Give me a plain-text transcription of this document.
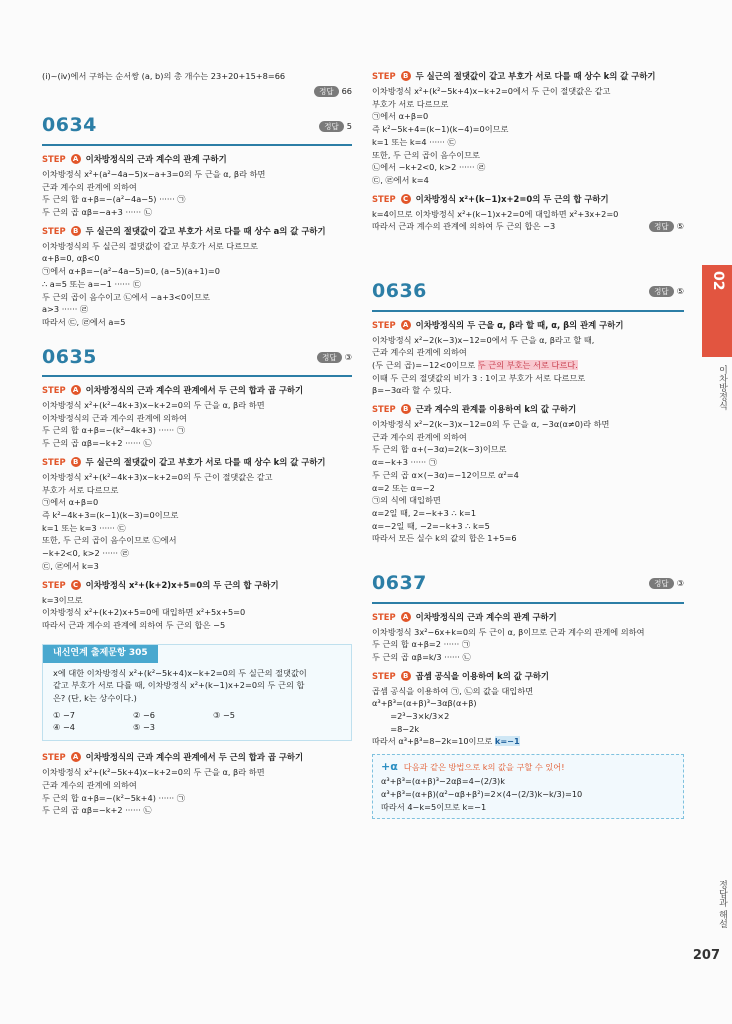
(ⅰ)~(ⅳ)에서 구하는 순서쌍 (a, b)의 총 개수는 23+20+15+8=66
정답 66
0634	정답 5
STEP A 이차방정식의 근과 계수의 관계 구하기
이차방정식 x²+(a²−4a−5)x−a+3=0의 두 근을 α, β라 하면
근과 계수의 관계에 의하여
두 근의 합 α+β=−(a²−4a−5) ······ ㉠
두 근의 곱 αβ=−a+3 ······ ㉡
STEP B 두 실근의 절댓값이 같고 부호가 서로 다를 때 상수 a의 값 구하기
이차방정식의 두 실근의 절댓값이 같고 부호가 서로 다르므로
α+β=0, αβ<0
㉠에서 α+β=−(a²−4a−5)=0, (a−5)(a+1)=0
∴ a=5 또는 a=−1 ······ ㉢
두 근의 곱이 음수이고 ㉡에서 −a+3<0이므로
a>3 ······ ㉣
따라서 ㉢, ㉣에서 a=5
0635	정답 ③
STEP A 이차방정식의 근과 계수의 관계에서 두 근의 합과 곱 구하기
이차방정식 x²+(k²−4k+3)x−k+2=0의 두 근을 α, β라 하면
이차방정식의 근과 계수의 관계에 의하여
두 근의 합 α+β=−(k²−4k+3) ······ ㉠
두 근의 곱 αβ=−k+2 ······ ㉡
STEP B 두 실근의 절댓값이 같고 부호가 서로 다를 때 상수 k의 값 구하기
이차방정식 x²+(k²−4k+3)x−k+2=0의 두 근이 절댓값은 같고
부호가 서로 다르므로
㉠에서 α+β=0
즉 k²−4k+3=(k−1)(k−3)=0이므로
k=1 또는 k=3 ······ ㉢
또한, 두 근의 곱이 음수이므로 ㉡에서
−k+2<0, k>2 ······ ㉣
㉢, ㉣에서 k=3
STEP C 이차방정식 x²+(k+2)x+5=0의 두 근의 합 구하기
k=3이므로
이차방정식 x²+(k+2)x+5=0에 대입하면 x²+5x+5=0
따라서 근과 계수의 관계에 의하여 두 근의 합은 −5
내신연계 출제문항 305
x에 대한 이차방정식 x²+(k²−5k+4)x−k+2=0의 두 실근의 절댓값이
같고 부호가 서로 다를 때, 이차방정식 x²+(k−1)x+2=0의 두 근의 합
은? (단, k는 상수이다.)
① −7	② −6	③ −5
④ −4	⑤ −3
STEP A 이차방정식의 근과 계수의 관계에서 두 근의 합과 곱 구하기
이차방정식 x²+(k²−5k+4)x−k+2=0의 두 근을 α, β라 하면
근과 계수의 관계에 의하여
두 근의 합 α+β=−(k²−5k+4) ······ ㉠
두 근의 곱 αβ=−k+2 ······ ㉡
STEP B 두 실근의 절댓값이 같고 부호가 서로 다를 때 상수 k의 값 구하기
이차방정식 x²+(k²−5k+4)x−k+2=0에서 두 근이 절댓값은 같고
부호가 서로 다르므로
㉠에서 α+β=0
즉 k²−5k+4=(k−1)(k−4)=0이므로
k=1 또는 k=4 ······ ㉢
또한, 두 근의 곱이 음수이므로
㉡에서 −k+2<0, k>2 ······ ㉣
㉢, ㉣에서 k=4
STEP C 이차방정식 x²+(k−1)x+2=0의 두 근의 합 구하기
k=4이므로 이차방정식 x²+(k−1)x+2=0에 대입하면 x²+3x+2=0
따라서 근과 계수의 관계에 의하여 두 근의 합은 −3	정답 ⑤
0636	정답 ⑤
STEP A 이차방정식의 두 근을 α, β라 할 때, α, β의 관계 구하기
이차방정식 x²−2(k−3)x−12=0에서 두 근을 α, β라고 할 때,
근과 계수의 관계에 의하여
(두 근의 곱)=−12<0이므로 두 근의 부호는 서로 다르다.
이때 두 근의 절댓값의 비가 3 : 1이고 부호가 서로 다르므로
β=−3α라 할 수 있다.
STEP B 근과 계수의 관계를 이용하여 k의 값 구하기
이차방정식 x²−2(k−3)x−12=0의 두 근을 α, −3α(α≠0)라 하면
근과 계수의 관계에 의하여
두 근의 합 α+(−3α)=2(k−3)이므로
α=−k+3 ······ ㉠
두 근의 곱 α×(−3α)=−12이므로 α²=4
α=2 또는 α=−2
㉠의 식에 대입하면
α=2일 때, 2=−k+3 ∴ k=1
α=−2일 때, −2=−k+3 ∴ k=5
따라서 모든 실수 k의 값의 합은 1+5=6
0637	정답 ③
STEP A 이차방정식의 근과 계수의 관계 구하기
이차방정식 3x²−6x+k=0의 두 근이 α, β이므로 근과 계수의 관계에 의하여
두 근의 합 α+β=2 ······ ㉠
두 근의 곱 αβ=k/3 ······ ㉡
STEP B 곱셈 공식을 이용하여 k의 값 구하기
곱셈 공식을 이용하여 ㉠, ㉡의 값을 대입하면
α³+β³=(α+β)³−3αβ(α+β)
=2³−3×k/3×2
=8−2k
따라서 α³+β³=8−2k=10이므로 k=−1
+α 다음과 같은 방법으로 k의 값을 구할 수 있어!
α³+β³=(α+β)³−2αβ=4−(2/3)k
α³+β³=(α+β)(α²−αβ+β²)=2×(4−(2/3)k−k/3)=10
따라서 4−k=5이므로 k=−1
02
이차방정식
정답과 해설
207
